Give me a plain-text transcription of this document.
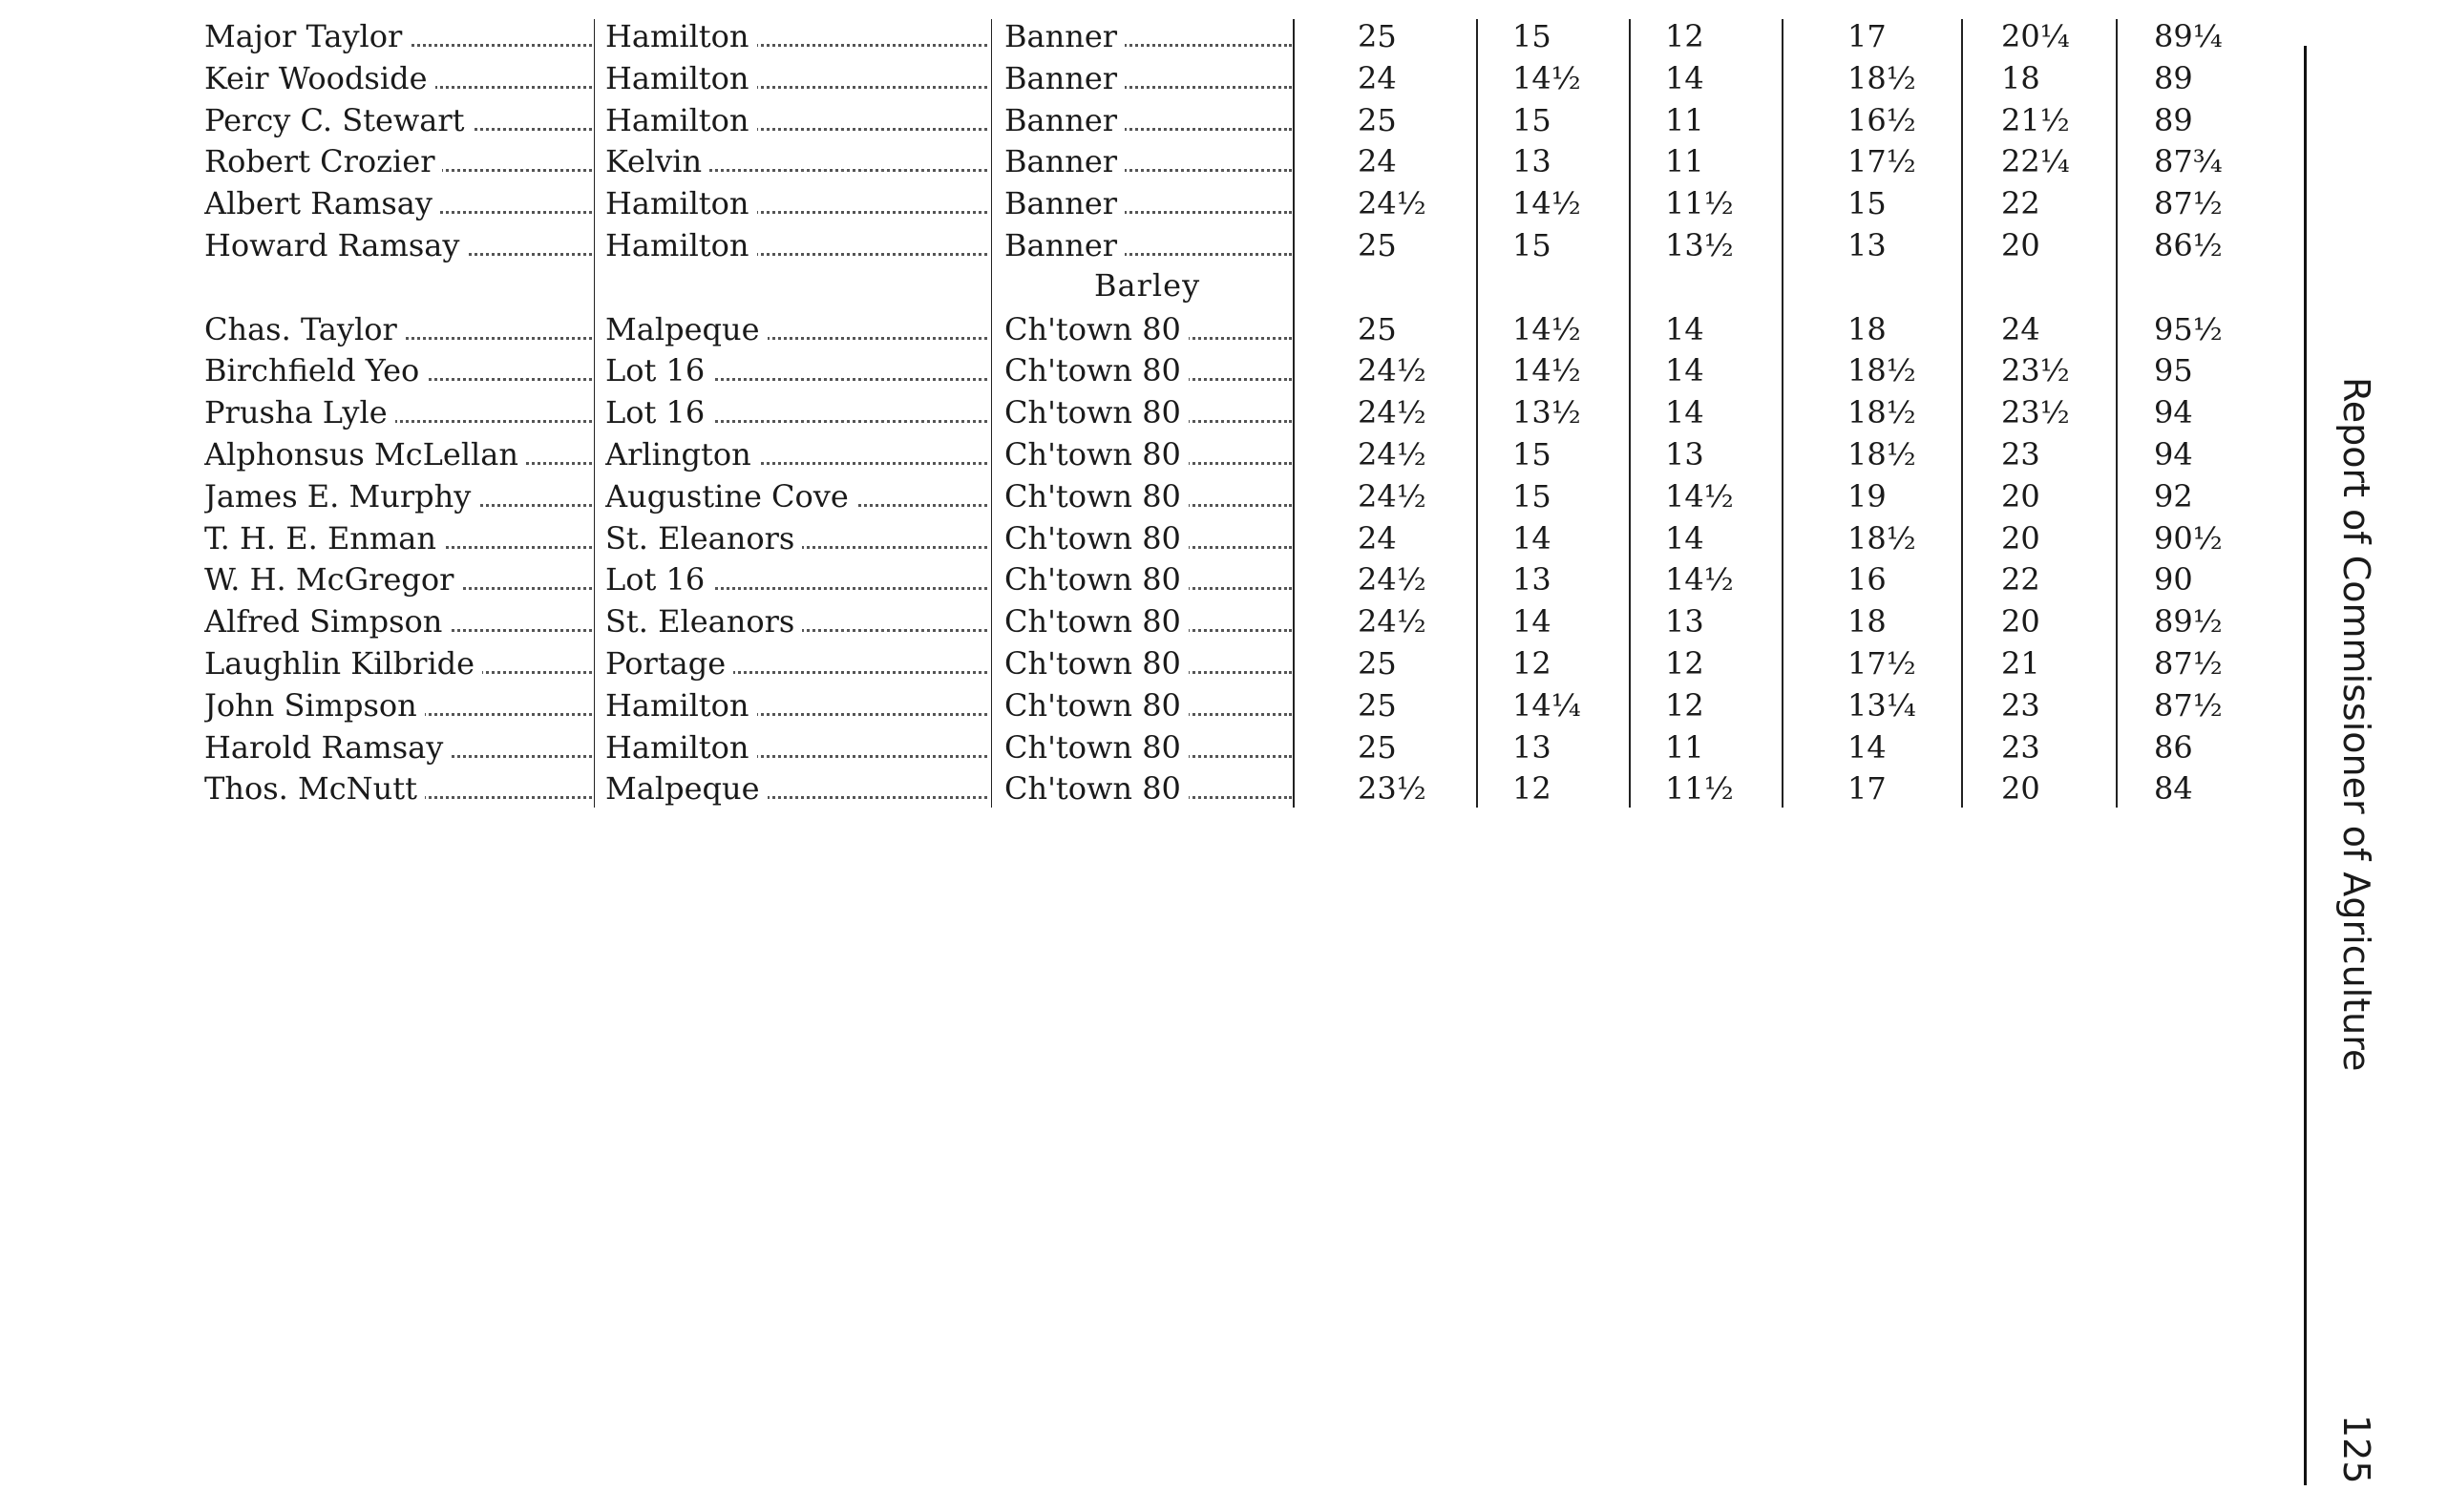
Major Taylor	Hamilton	Banner	25	15	12	17	20¼	89¼
Keir Woodside	Hamilton	Banner	24	14½	14	18½	18	89
Percy C. Stewart	Hamilton	Banner	25	15	11	16½	21½	89
Robert Crozier	Kelvin	Banner	24	13	11	17½	22¼	87¾
Albert Ramsay	Hamilton	Banner	24½	14½	11½	15	22	87½
Howard Ramsay	Hamilton	Banner	25	15	13½	13	20	86½
Barley
Chas. Taylor	Malpeque	Ch'town 80	25	14½	14	18	24	95½
Birchfield Yeo	Lot 16	Ch'town 80	24½	14½	14	18½	23½	95
Prusha Lyle	Lot 16	Ch'town 80	24½	13½	14	18½	23½	94
Alphonsus McLellan	Arlington	Ch'town 80	24½	15	13	18½	23	94
James E. Murphy	Augustine Cove	Ch'town 80	24½	15	14½	19	20	92
T. H. E. Enman	St. Eleanors	Ch'town 80	24	14	14	18½	20	90½
W. H. McGregor	Lot 16	Ch'town 80	24½	13	14½	16	22	90
Alfred Simpson	St. Eleanors	Ch'town 80	24½	14	13	18	20	89½
Laughlin Kilbride	Portage	Ch'town 80	25	12	12	17½	21	87½
John Simpson	Hamilton	Ch'town 80	25	14¼	12	13¼	23	87½
Harold Ramsay	Hamilton	Ch'town 80	25	13	11	14	23	86
Thos. McNutt	Malpeque	Ch'town 80	23½	12	11½	17	20	84	Report of Commissioner of Agriculture
125
